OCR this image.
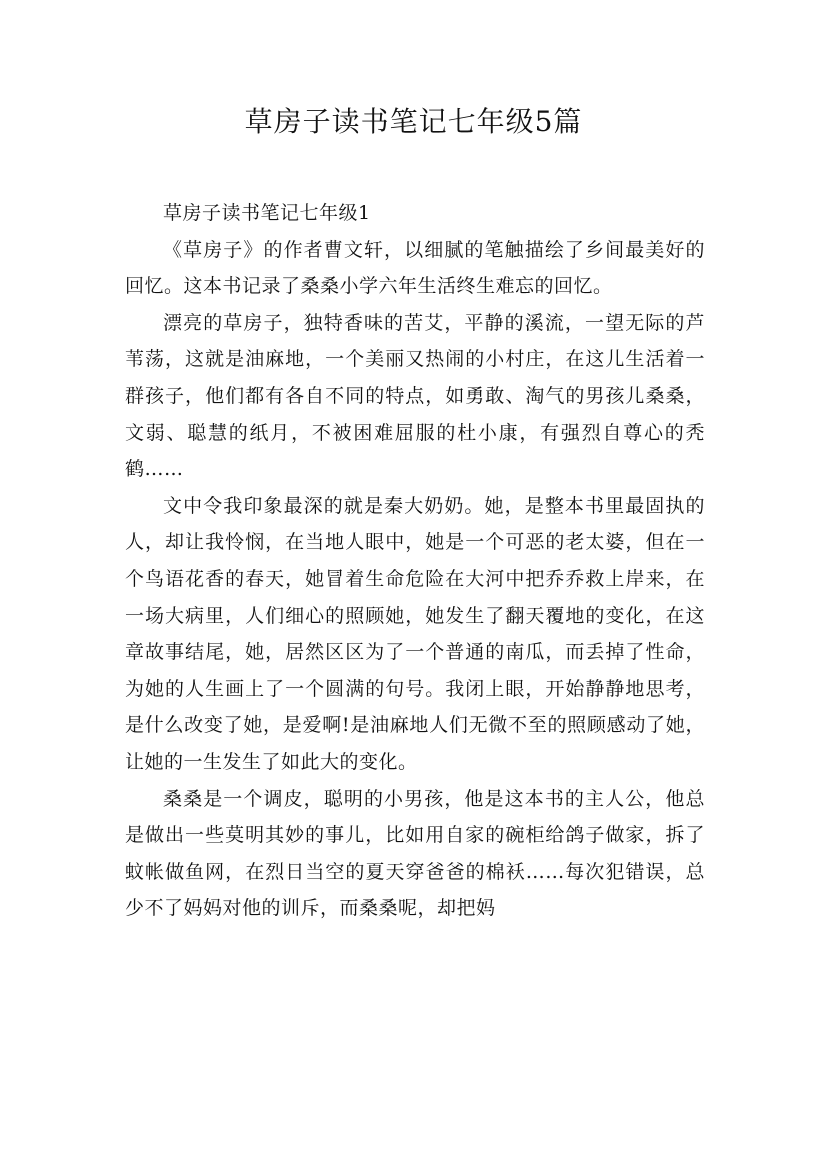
草房子读书笔记七年级5篇

草房子读书笔记七年级1

《草房子》的作者曹文轩，以细腻的笔触描绘了乡间最美好的回忆。这本书记录了桑桑小学六年生活终生难忘的回忆。

漂亮的草房子，独特香味的苦艾，平静的溪流，一望无际的芦苇荡，这就是油麻地，一个美丽又热闹的小村庄，在这儿生活着一群孩子，他们都有各自不同的特点，如勇敢、淘气的男孩儿桑桑，文弱、聪慧的纸月，不被困难屈服的杜小康，有强烈自尊心的秃鹤……

文中令我印象最深的就是秦大奶奶。她，是整本书里最固执的人，却让我怜悯，在当地人眼中，她是一个可恶的老太婆，但在一个鸟语花香的春天，她冒着生命危险在大河中把乔乔救上岸来，在一场大病里，人们细心的照顾她，她发生了翻天覆地的变化，在这章故事结尾，她，居然区区为了一个普通的南瓜，而丢掉了性命，为她的人生画上了一个圆满的句号。我闭上眼，开始静静地思考，是什么改变了她，是爱啊!是油麻地人们无微不至的照顾感动了她，让她的一生发生了如此大的变化。

桑桑是一个调皮，聪明的小男孩，他是这本书的主人公，他总是做出一些莫明其妙的事儿，比如用自家的碗柜给鸽子做家，拆了蚊帐做鱼网，在烈日当空的夏天穿爸爸的棉袄……每次犯错误，总少不了妈妈对他的训斥，而桑桑呢，却把妈
